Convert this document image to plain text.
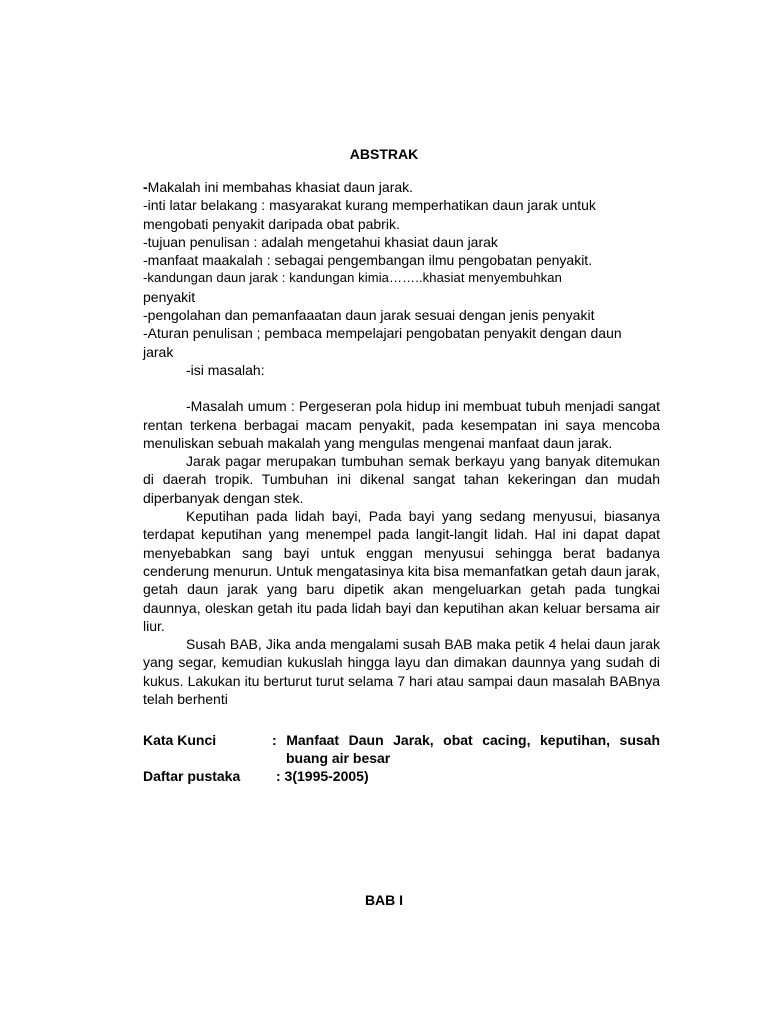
ABSTRAK
-Makalah ini membahas khasiat daun jarak.
-inti latar belakang : masyarakat kurang memperhatikan daun jarak untuk
mengobati penyakit daripada obat pabrik.
-tujuan penulisan : adalah mengetahui khasiat daun jarak
-manfaat maakalah : sebagai pengembangan ilmu pengobatan penyakit.
-kandungan daun jarak : kandungan kimia……..khasiat menyembuhkan
penyakit
-pengolahan dan pemanfaaatan daun jarak sesuai dengan jenis penyakit
-Aturan penulisan ; pembaca mempelajari pengobatan penyakit dengan daun
jarak
-isi masalah:

-Masalah umum : Pergeseran pola hidup ini membuat tubuh menjadi sangat rentan terkena berbagai macam penyakit, pada kesempatan ini saya mencoba menuliskan sebuah makalah yang mengulas mengenai manfaat daun jarak.

Jarak pagar merupakan tumbuhan semak berkayu yang banyak ditemukan di daerah tropik. Tumbuhan ini dikenal sangat tahan kekeringan dan mudah diperbanyak dengan stek.

Keputihan pada lidah bayi, Pada bayi yang sedang menyusui, biasanya terdapat keputihan yang menempel pada langit-langit lidah. Hal ini dapat dapat menyebabkan sang bayi untuk enggan menyusui sehingga berat badanya cenderung menurun. Untuk mengatasinya kita bisa memanfatkan getah daun jarak, getah daun jarak yang baru dipetik akan mengeluarkan getah pada tungkai daunnya, oleskan getah itu pada lidah bayi dan keputihan akan keluar bersama air liur.

Susah BAB, Jika anda mengalami susah BAB maka petik 4 helai daun jarak yang segar, kemudian kukuslah hingga layu dan dimakan daunnya yang sudah di kukus. Lakukan itu berturut turut selama 7 hari atau sampai daun masalah BABnya telah berhenti

Kata Kunci	: Manfaat Daun Jarak, obat cacing, keputihan, susah
buang air besar
Daftar pustaka	: 3(1995-2005)
BAB I
